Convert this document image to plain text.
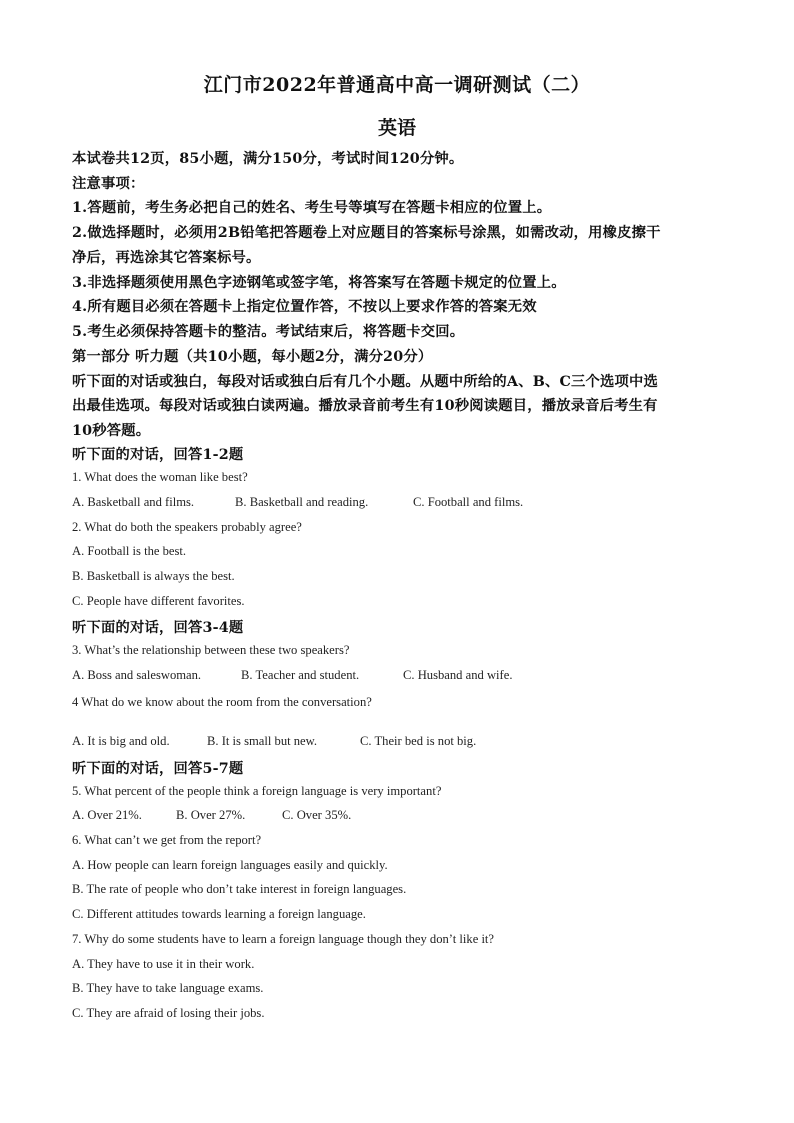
江门市2022年普通高中高一调研测试（二）
英语
本试卷共12页，85小题，满分150分，考试时间120分钟。
注意事项：
1.答题前，考生务必把自己的姓名、考生号等填写在答题卡相应的位置上。
2.做选择题时，必须用2B铅笔把答题卷上对应题目的答案标号涂黑，如需改动，用橡皮擦干
净后，再选涂其它答案标号。
3.非选择题须使用黑色字迹钢笔或签字笔，将答案写在答题卡规定的位置上。
4.所有题目必须在答题卡上指定位置作答，不按以上要求作答的答案无效
5.考生必须保持答题卡的整洁。考试结束后，将答题卡交回。
第一部分 听力题（共10小题，每小题2分，满分20分）
听下面的对话或独白，每段对话或独白后有几个小题。从题中所给的A、B、C三个选项中选
出最佳选项。每段对话或独白读两遍。播放录音前考生有10秒阅读题目，播放录音后考生有
10秒答题。
听下面的对话，回答1-2题
1. What does the woman like best?
A. Basketball and films.	B. Basketball and reading.	C. Football and films.
2. What do both the speakers probably agree?
A. Football is the best.
B. Basketball is always the best.
C. People have different favorites.
听下面的对话，回答3-4题
3. What’s the relationship between these two speakers?
A. Boss and saleswoman.	B. Teacher and student.	C. Husband and wife.
4 What do we know about the room from the conversation?
A. It is big and old.	B. It is small but new.	C. Their bed is not big.
听下面的对话，回答5-7题
5. What percent of the people think a foreign language is very important?
A. Over 21%.	B. Over 27%.	C. Over 35%.
6. What can’t we get from the report?
A. How people can learn foreign languages easily and quickly.
B. The rate of people who don’t take interest in foreign languages.
C. Different attitudes towards learning a foreign language.
7. Why do some students have to learn a foreign language though they don’t like it?
A. They have to use it in their work.
B. They have to take language exams.
C. They are afraid of losing their jobs.
